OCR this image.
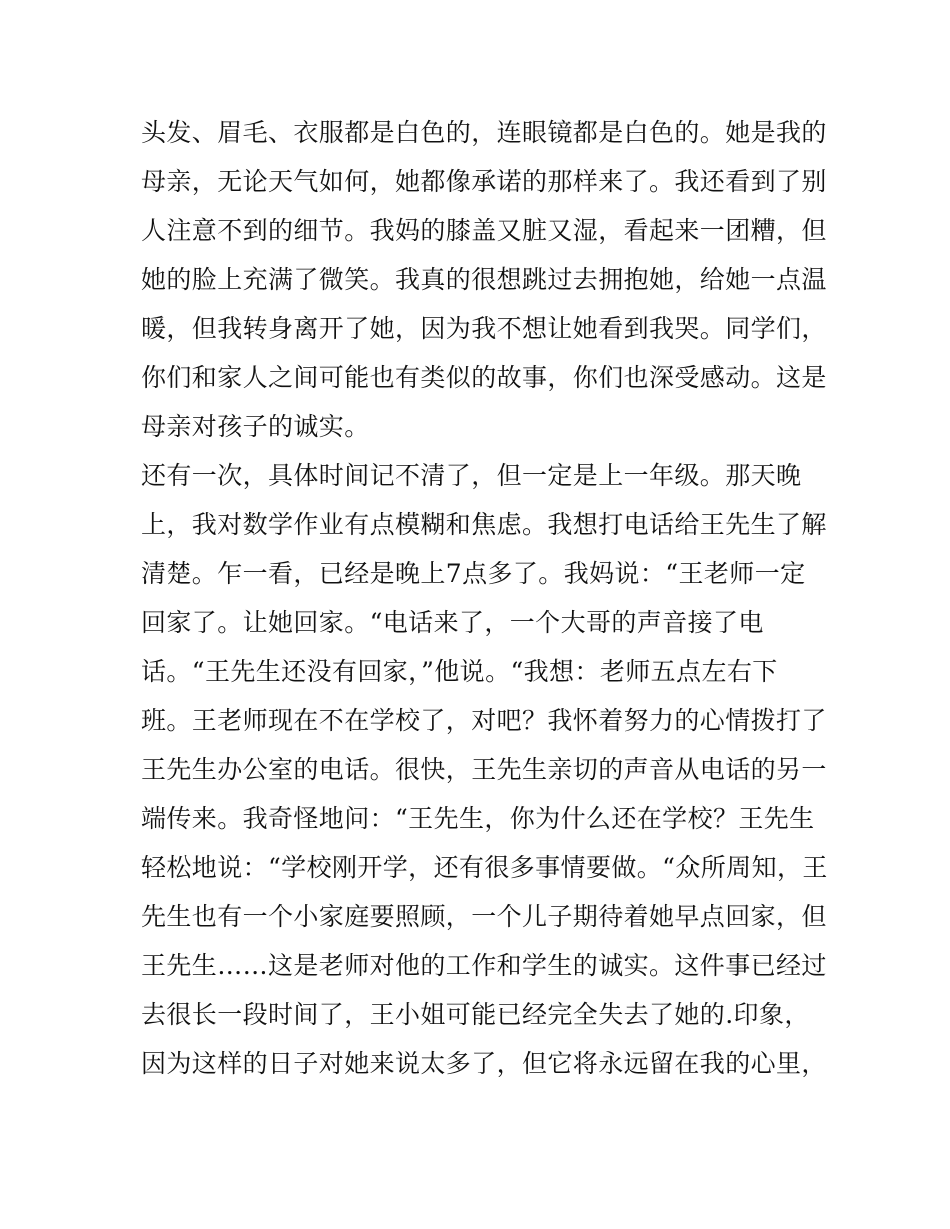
头发、眉毛、衣服都是白色的，连眼镜都是白色的。她是我的
母亲，无论天气如何，她都像承诺的那样来了。我还看到了别
人注意不到的细节。我妈的膝盖又脏又湿，看起来一团糟，但
她的脸上充满了微笑。我真的很想跳过去拥抱她，给她一点温
暖，但我转身离开了她，因为我不想让她看到我哭。同学们，
你们和家人之间可能也有类似的故事，你们也深受感动。这是
母亲对孩子的诚实。
还有一次，具体时间记不清了，但一定是上一年级。那天晚
上，我对数学作业有点模糊和焦虑。我想打电话给王先生了解
清楚。乍一看，已经是晚上7点多了。我妈说：“王老师一定
回家了。让她回家。“电话来了，一个大哥的声音接了电
话。“王先生还没有回家，”他说。“我想：老师五点左右下
班。王老师现在不在学校了，对吧？我怀着努力的心情拨打了
王先生办公室的电话。很快，王先生亲切的声音从电话的另一
端传来。我奇怪地问：“王先生，你为什么还在学校？王先生
轻松地说：“学校刚开学，还有很多事情要做。“众所周知，王
先生也有一个小家庭要照顾，一个儿子期待着她早点回家，但
王先生……这是老师对他的工作和学生的诚实。这件事已经过
去很长一段时间了，王小姐可能已经完全失去了她的.印象，
因为这样的日子对她来说太多了，但它将永远留在我的心里，
